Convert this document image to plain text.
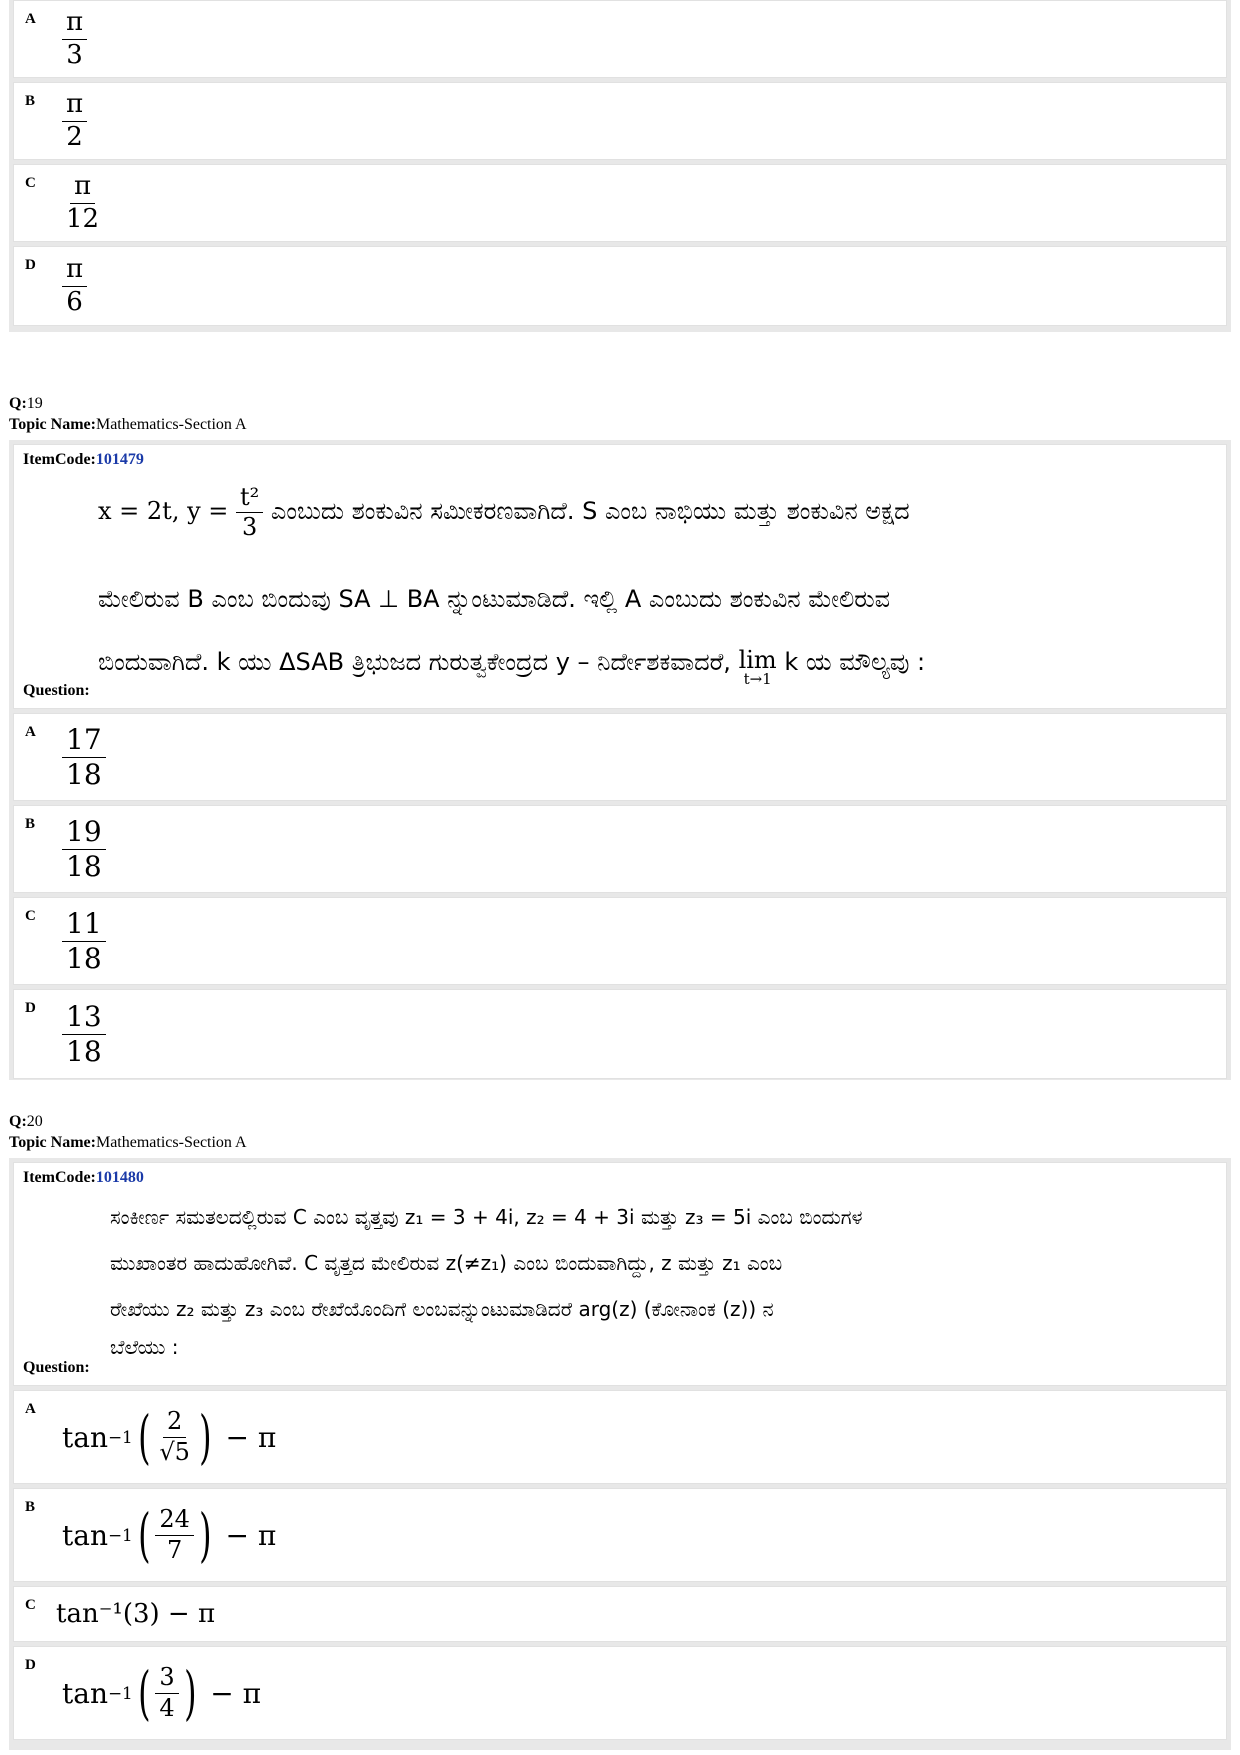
A $\frac{\pi}{3}$
B $\frac{\pi}{2}$
C $\frac{\pi}{12}$
D $\frac{\pi}{6}$
Q:19
Topic Name:Mathematics-Section A
ItemCode:101479
x = 2t, $y = \frac{\text{t²}}{3}$ ಎಂಬುದು ಶಂಕುವಿನ ಸಮೀಕರಣವಾಗಿದೆ. S ಎಂಬ ನಾಭಿಯು ಮತ್ತು ಶಂಕುವಿನ ಅಕ್ಷದ
ಮೇಲಿರುವ B ಎಂಬ ಬಿಂದುವು SA ⊥ BA ನ್ನುಂಟುಮಾಡಿದೆ. ಇಲ್ಲಿ A ಎಂಬುದು ಶಂಕುವಿನ ಮೇಲಿರುವ
ಬಿಂದುವಾಗಿದೆ. k ಯು ΔSAB ತ್ರಿಭುಜದ ಗುರುತ್ವಕೇಂದ್ರದ y – ನಿರ್ದೇಶಕವಾದರೆ, lim
t→1
k ಯ ಮೌಲ್ಯವು :
Question:
A $\frac{17}{18}$
B $\frac{19}{18}$
C $\frac{11}{18}$
D $\frac{13}{18}$
Q:20
Topic Name:Mathematics-Section A
ItemCode:101480
ಸಂಕೀರ್ಣ ಸಮತಲದಲ್ಲಿರುವ C ಎಂಬ ವೃತ್ತವು z₁ = 3 + 4i, z₂ = 4 + 3i ಮತ್ತು z₃ = 5i ಎಂಬ ಬಿಂದುಗಳ
ಮುಖಾಂತರ ಹಾದುಹೋಗಿವೆ. C ವೃತ್ತದ ಮೇಲಿರುವ z(≠z₁) ಎಂಬ ಬಿಂದುವಾಗಿದ್ದು, z ಮತ್ತು z₁ ಎಂಬ
ರೇಖೆಯು z₂ ಮತ್ತು z₃ ಎಂಬ ರೇಖೆಯೊಂದಿಗೆ ಲಂಬವನ್ನುಂಟುಮಾಡಿದರೆ arg(z) (ಕೋನಾಂಕ (z)) ನ
ಬೆಲೆಯು :
Question:
A
tan −1 ( $\frac{2}{√5}$ )
− π
B
tan −1 ( $\frac{24}{7}$ )
− π
C tan⁻¹(3) − π
D
tan −1 ( $\frac{3}{4}$ )
− π
